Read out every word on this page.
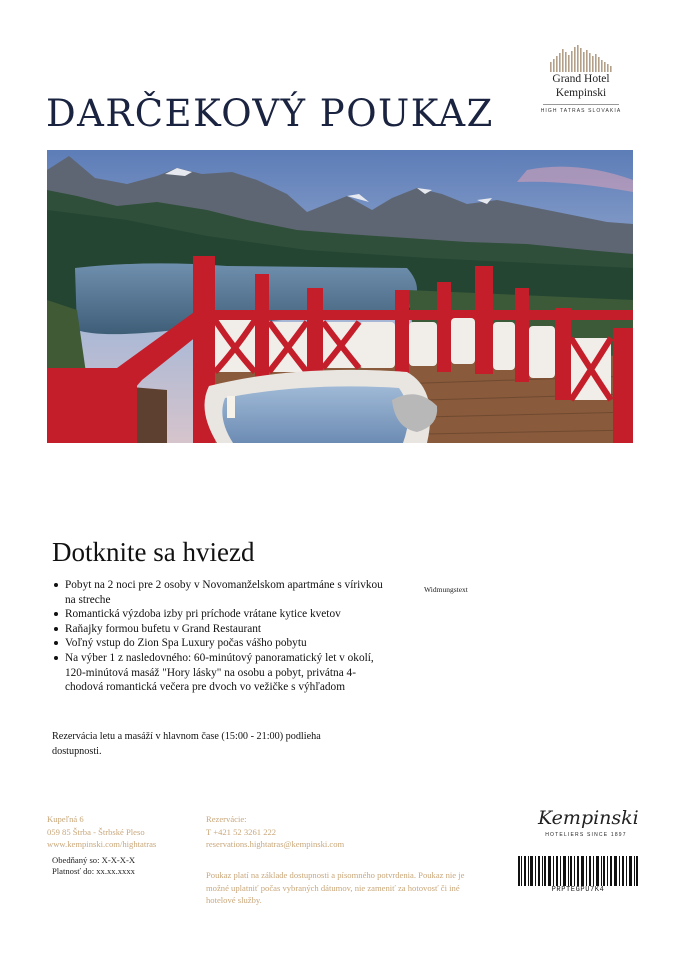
DARČEKOVÝ POUKAZ
Grand Hotel
Kempinski
HIGH TATRAS SLOVAKIA
Dotknite sa hviezd
Pobyt na 2 noci pre 2 osoby v Novomanželskom apartmáne s vírivkou na streche
Romantická výzdoba izby pri príchode vrátane kytice kvetov
Raňajky formou bufetu v Grand Restaurant
Voľný vstup do Zion Spa Luxury počas vášho pobytu
Na výber 1 z nasledovného: 60-minútový panoramatický let v okolí, 120-minútová masáž "Hory lásky" na osobu a pobyt, privátna 4-chodová romantická večera pre dvoch vo vežičke s výhľadom
Widmungstext
Rezervácia letu a masáží v hlavnom čase (15:00 - 21:00) podlieha dostupnosti.
Kupeľná 6
059 85 Štrba - Štrbské Pleso
www.kempinski.com/hightatras
Obedňaný so: X-X-X-X
Platnosť do: xx.xx.xxxx
Rezervácie:
T +421 52 3261 222
reservations.hightatras@kempinski.com
Poukaz platí na základe dostupnosti a písomného potvrdenia. Poukaz nie je možné uplatniť počas vybraných dátumov, nie zameniť za hotovosť či iné hotelové služby.
Kempinski
HOTELIERS SINCE 1897
PRPTEGPU7K4
